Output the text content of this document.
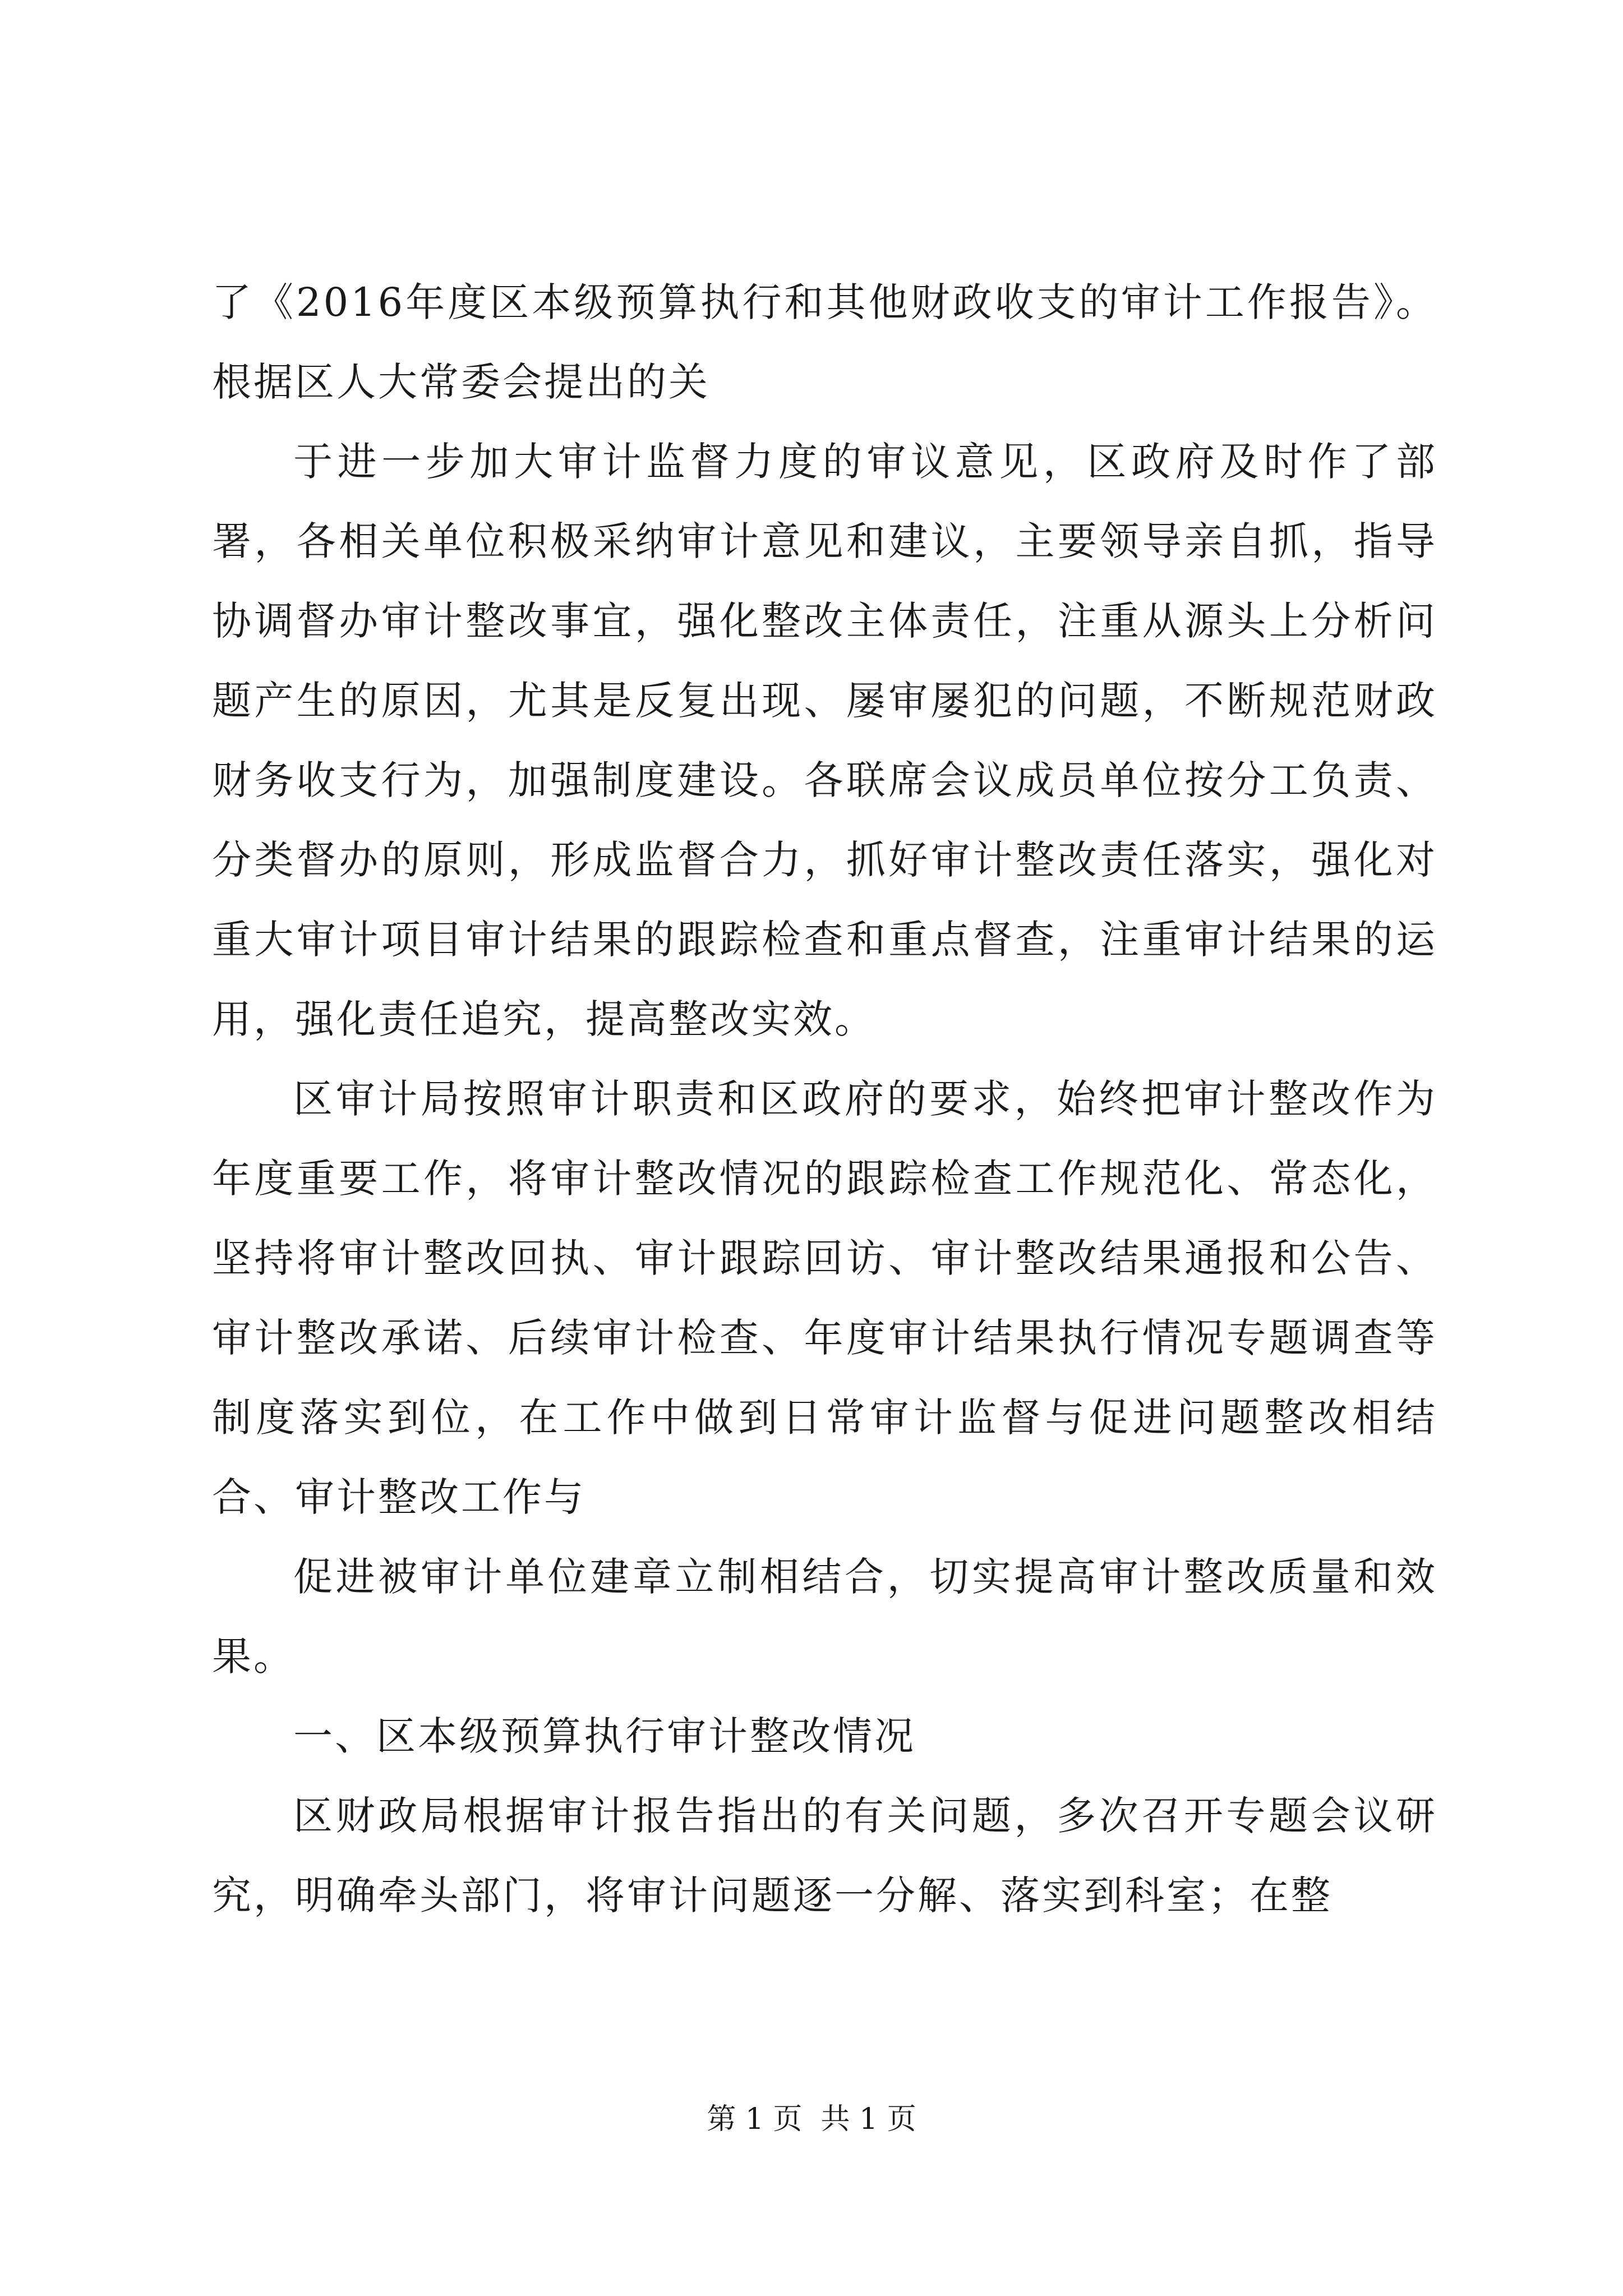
了《2016年度区本级预算执行和其他财政收支的审计工作报告》。根据区人大常委会提出的关

于进一步加大审计监督力度的审议意见，区政府及时作了部署，各相关单位积极采纳审计意见和建议，主要领导亲自抓，指导协调督办审计整改事宜，强化整改主体责任，注重从源头上分析问题产生的原因，尤其是反复出现、屡审屡犯的问题，不断规范财政财务收支行为，加强制度建设。各联席会议成员单位按分工负责、分类督办的原则，形成监督合力，抓好审计整改责任落实，强化对重大审计项目审计结果的跟踪检查和重点督查，注重审计结果的运用，强化责任追究，提高整改实效。

区审计局按照审计职责和区政府的要求，始终把审计整改作为年度重要工作，将审计整改情况的跟踪检查工作规范化、常态化，坚持将审计整改回执、审计跟踪回访、审计整改结果通报和公告、审计整改承诺、后续审计检查、年度审计结果执行情况专题调查等制度落实到位，在工作中做到日常审计监督与促进问题整改相结合、审计整改工作与

促进被审计单位建章立制相结合，切实提高审计整改质量和效果。

一、区本级预算执行审计整改情况

区财政局根据审计报告指出的有关问题，多次召开专题会议研究，明确牵头部门，将审计问题逐一分解、落实到科室；在整

第 1 页  共 1 页
